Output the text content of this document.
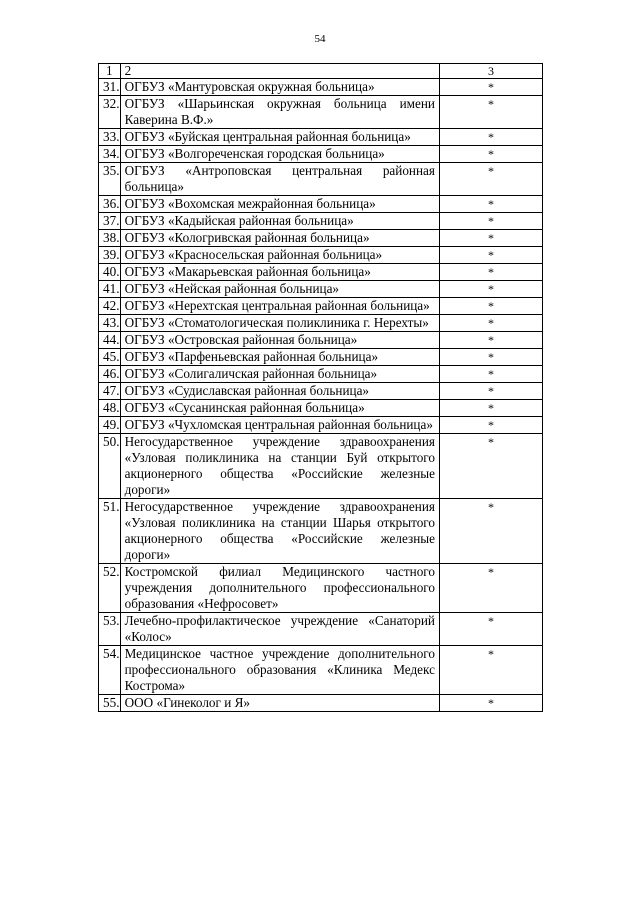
54
1	2	3
31.	ОГБУЗ «Мантуровская окружная больница»	*
32.	ОГБУЗ «Шарьинская окружная больница имени Каверина В.Ф.»	*
33.	ОГБУЗ «Буйская центральная районная больница»	*
34.	ОГБУЗ «Волгореченская городская больница»	*
35.	ОГБУЗ «Антроповская центральная районная больница»	*
36.	ОГБУЗ «Вохомская межрайонная больница»	*
37.	ОГБУЗ «Кадыйская районная больница»	*
38.	ОГБУЗ «Кологривская районная больница»	*
39.	ОГБУЗ «Красносельская районная больница»	*
40.	ОГБУЗ «Макарьевская районная больница»	*
41.	ОГБУЗ «Нейская районная больница»	*
42.	ОГБУЗ «Нерехтская центральная районная больница»	*
43.	ОГБУЗ «Стоматологическая поликлиника г. Нерехты»	*
44.	ОГБУЗ «Островская районная больница»	*
45.	ОГБУЗ «Парфеньевская районная больница»	*
46.	ОГБУЗ «Солигаличская районная больница»	*
47.	ОГБУЗ «Судиславская районная больница»	*
48.	ОГБУЗ «Сусанинская районная больница»	*
49.	ОГБУЗ «Чухломская центральная районная больница»	*
50.	Негосударственное учреждение здравоохранения «Узловая поликлиника на станции Буй открытого акционерного общества «Российские железные дороги»	*
51.	Негосударственное учреждение здравоохранения «Узловая поликлиника на станции Шарья открытого акционерного общества «Российские железные дороги»	*
52.	Костромской филиал Медицинского частного учреждения дополнительного профессионального образования «Нефросовет»	*
53.	Лечебно-профилактическое учреждение «Санаторий «Колос»	*
54.	Медицинское частное учреждение дополнительного профессионального образования «Клиника Медекс Кострома»	*
55.	ООО «Гинеколог и Я»	*
